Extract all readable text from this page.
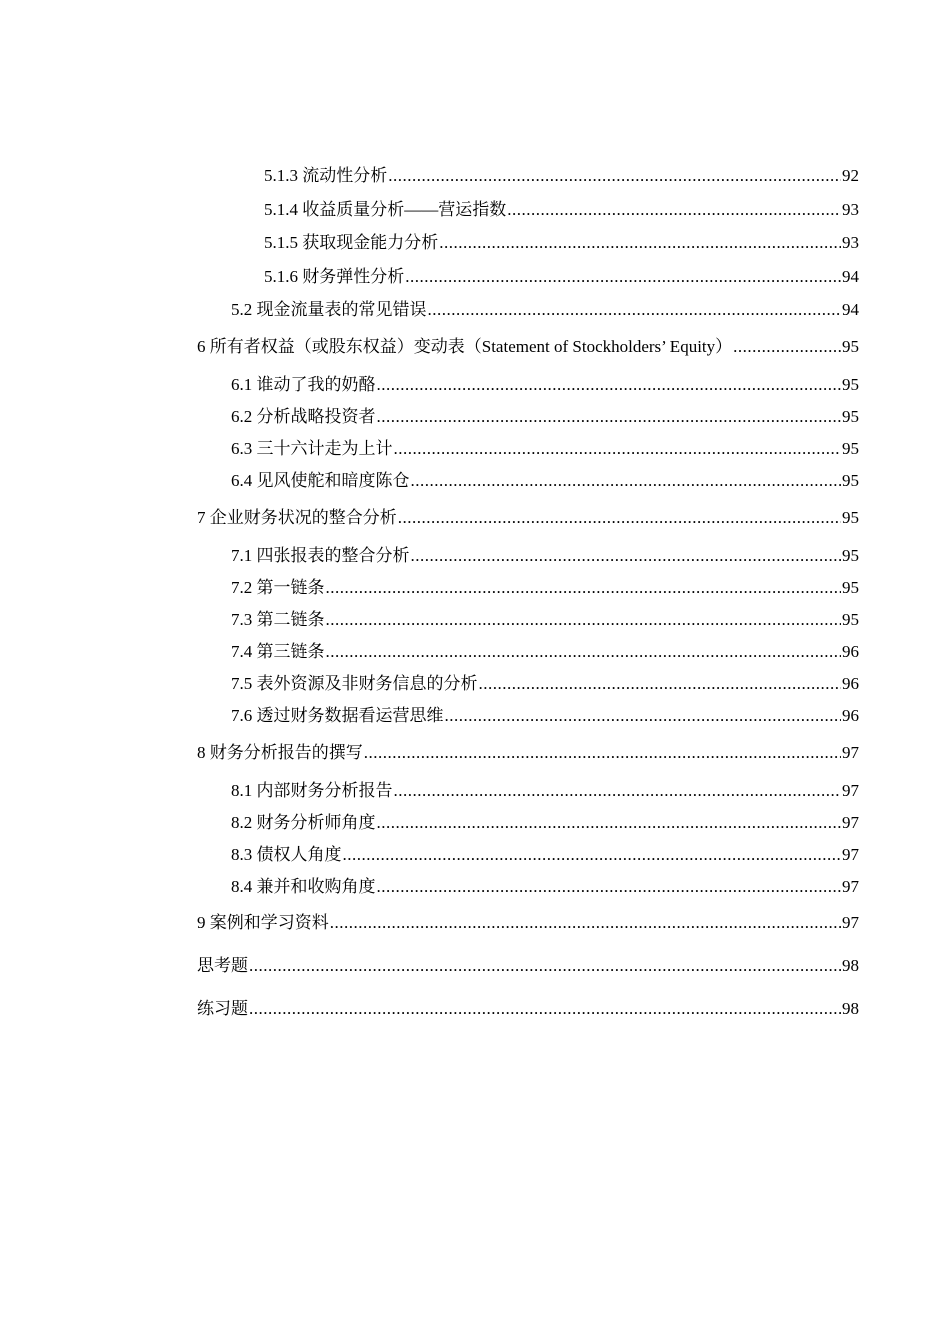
5.1.3 流动性分析 .....	92
5.1.4 收益质量分析——营运指数 .....	93
5.1.5 获取现金能力分析 .....	93
5.1.6 财务弹性分析 .....	94
5.2 现金流量表的常见错误 .....	94
6 所有者权益（或股东权益）变动表（Statement of Stockholders’ Equity） .....	95
6.1 谁动了我的奶酪 .....	95
6.2 分析战略投资者 .....	95
6.3 三十六计走为上计 .....	95
6.4 见风使舵和暗度陈仓 .....	95
7 企业财务状况的整合分析 .....	95
7.1 四张报表的整合分析 .....	95
7.2 第一链条 .....	95
7.3 第二链条 .....	95
7.4 第三链条 .....	96
7.5 表外资源及非财务信息的分析 .....	96
7.6 透过财务数据看运营思维 .....	96
8 财务分析报告的撰写 .....	97
8.1 内部财务分析报告 .....	97
8.2 财务分析师角度 .....	97
8.3 债权人角度 .....	97
8.4 兼并和收购角度 .....	97
9 案例和学习资料 .....	97
思考题 .....	98
练习题 .....	98
